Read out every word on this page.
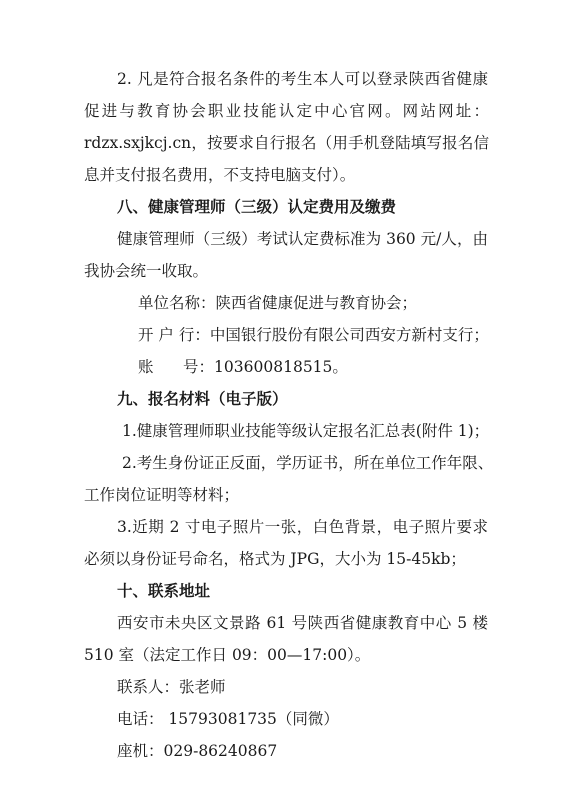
2. 凡是符合报名条件的考生本人可以登录陕西省健康
促进与教育协会职业技能认定中心官网。网站网址：
rdzx.sxjkcj.cn，按要求自行报名（用手机登陆填写报名信
息并支付报名费用，不支持电脑支付）。
八、健康管理师（三级）认定费用及缴费
健康管理师（三级）考试认定费标准为 360 元/人，由
我协会统一收取。
单位名称：陕西省健康促进与教育协会；
开 户 行：中国银行股份有限公司西安方新村支行；
账      号：103600818515。
九、报名材料（电子版）
1.健康管理师职业技能等级认定报名汇总表(附件 1)；
2.考生身份证正反面，学历证书，所在单位工作年限、
工作岗位证明等材料；
3.近期 2 寸电子照片一张，白色背景，电子照片要求
必须以身份证号命名，格式为 JPG，大小为 15-45kb；
十、联系地址
西安市未央区文景路 61 号陕西省健康教育中心 5 楼
510 室（法定工作日 09：00—17:00）。
联系人：张老师
电话： 15793081735（同微）
座机：029-86240867
